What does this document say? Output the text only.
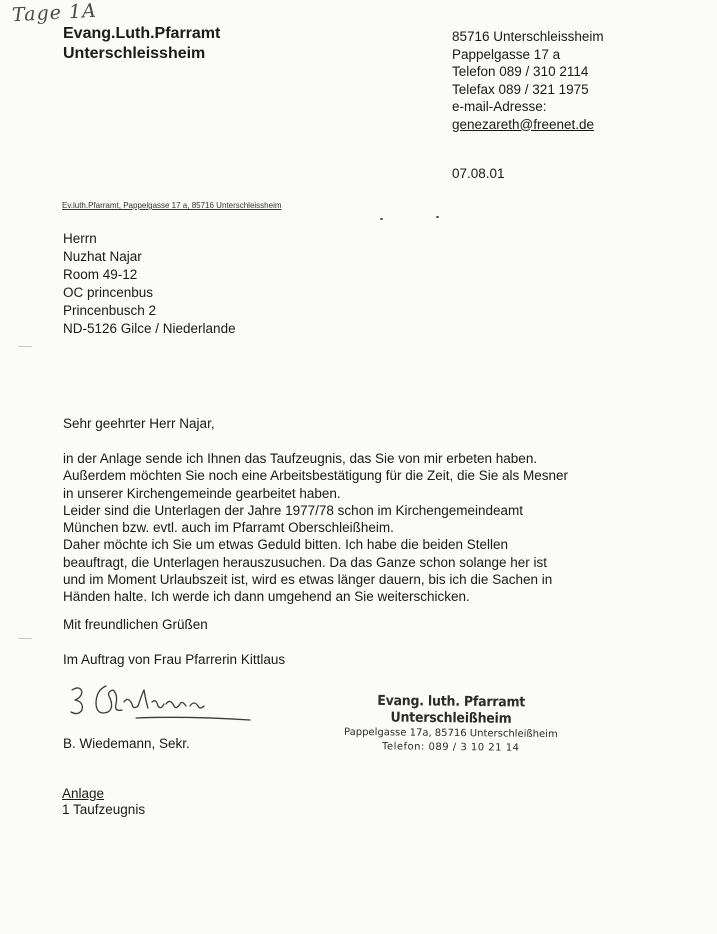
Tage 1A
Evang.Luth.Pfarramt
Unterschleissheim
85716 Unterschleissheim
Pappelgasse 17 a
Telefon 089 / 310 2114
Telefax 089 / 321 1975
e-mail-Adresse:
genezareth@freenet.de
07.08.01
Ev.luth.Pfarramt, Pappelgasse 17 a, 85716 Unterschleissheim
Herrn
Nuzhat Najar
Room 49-12
OC princenbus
Princenbusch 2
ND-5126 Gilce / Niederlande
Sehr geehrter Herr Najar,
in der Anlage sende ich Ihnen das Taufzeugnis, das Sie von mir erbeten haben.
Außerdem möchten Sie noch eine Arbeitsbestätigung für die Zeit, die Sie als Mesner
in unserer Kirchengemeinde gearbeitet haben.
Leider sind die Unterlagen der Jahre 1977/78 schon im Kirchengemeindeamt
München bzw. evtl. auch im Pfarramt Oberschleißheim.
Daher möchte ich Sie um etwas Geduld bitten. Ich habe die beiden Stellen
beauftragt, die Unterlagen herauszusuchen. Da das Ganze schon solange her ist
und im Moment Urlaubszeit ist, wird es etwas länger dauern, bis ich die Sachen in
Händen halte. Ich werde ich dann umgehend an Sie weiterschicken.
Mit freundlichen Grüßen
Im Auftrag von Frau Pfarrerin Kittlaus
B. Wiedemann, Sekr.
Evang. luth. Pfarramt Unterschleißheim
Pappelgasse 17a, 85716 Unterschleißheim
Telefon: 089 / 3 10 21 14
Anlage
1 Taufzeugnis
